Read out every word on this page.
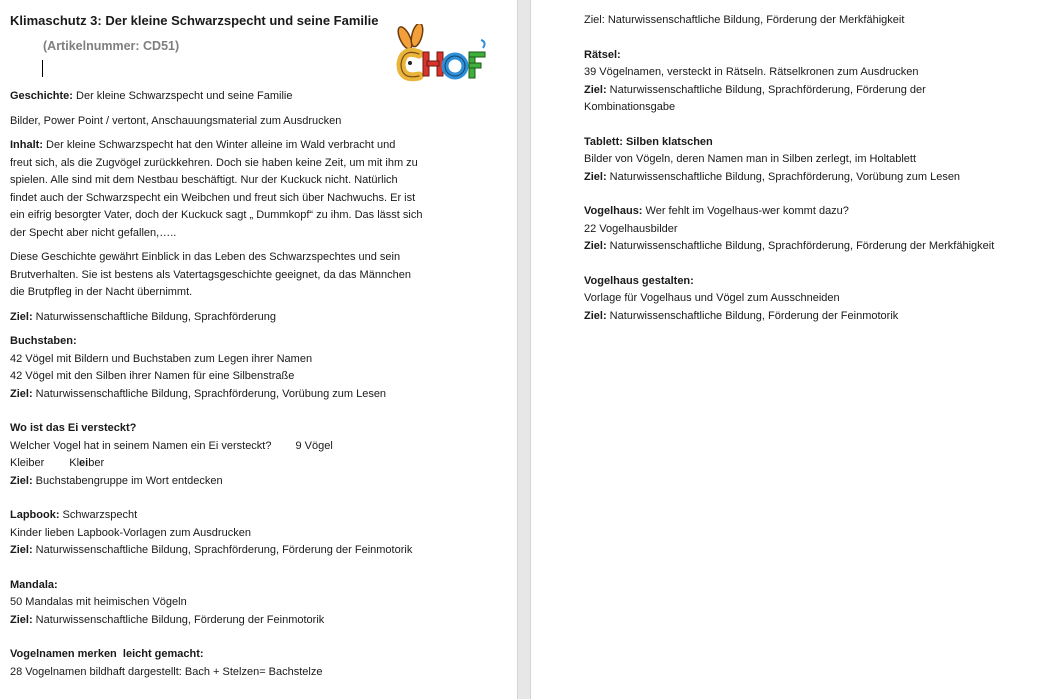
Klimaschutz 3: Der kleine Schwarzspecht und seine Familie

(Artikelnummer: CD51)

Geschichte: Der kleine Schwarzspecht und seine Familie

Bilder, Power Point / vertont, Anschauungsmaterial zum Ausdrucken

Inhalt: Der kleine Schwarzspecht hat den Winter alleine im Wald verbracht und

freut sich, als die Zugvögel zurückkehren. Doch sie haben keine Zeit, um mit ihm zu

spielen. Alle sind mit dem Nestbau beschäftigt. Nur der Kuckuck nicht. Natürlich

findet auch der Schwarzspecht ein Weibchen und freut sich über Nachwuchs. Er ist

ein eifrig besorgter Vater, doch der Kuckuck sagt „ Dummkopf“ zu ihm. Das lässt sich

der Specht aber nicht gefallen,…..

Diese Geschichte gewährt Einblick in das Leben des Schwarzspechtes und sein

Brutverhalten. Sie ist bestens als Vatertagsgeschichte geeignet, da das Männchen

die Brutpfleg in der Nacht übernimmt.

Ziel: Naturwissenschaftliche Bildung, Sprachförderung

Buchstaben:

42 Vögel mit Bildern und Buchstaben zum Legen ihrer Namen

42 Vögel mit den Silben ihrer Namen für eine Silbenstraße

Ziel: Naturwissenschaftliche Bildung, Sprachförderung, Vorübung zum Lesen

Wo ist das Ei versteckt?

Welcher Vogel hat in seinem Namen ein Ei versteckt? 9 Vögel

Kleiber Kleiber

Ziel: Buchstabengruppe im Wort entdecken

Lapbook: Schwarzspecht

Kinder lieben Lapbook-Vorlagen zum Ausdrucken

Ziel: Naturwissenschaftliche Bildung, Sprachförderung, Förderung der Feinmotorik

Mandala:

50 Mandalas mit heimischen Vögeln

Ziel: Naturwissenschaftliche Bildung, Förderung der Feinmotorik

Vogelnamen merken  leicht gemacht:

28 Vogelnamen bildhaft dargestellt: Bach + Stelzen= Bachstelze

Ziel: Naturwissenschaftliche Bildung, Förderung der Merkfähigkeit

Rätsel:

39 Vögelnamen, versteckt in Rätseln. Rätselkronen zum Ausdrucken

Ziel: Naturwissenschaftliche Bildung, Sprachförderung, Förderung der

Kombinationsgabe

Tablett: Silben klatschen

Bilder von Vögeln, deren Namen man in Silben zerlegt, im Holtablett

Ziel: Naturwissenschaftliche Bildung, Sprachförderung, Vorübung zum Lesen

Vogelhaus: Wer fehlt im Vogelhaus-wer kommt dazu?

22 Vogelhausbilder

Ziel: Naturwissenschaftliche Bildung, Sprachförderung, Förderung der Merkfähigkeit

Vogelhaus gestalten:

Vorlage für Vogelhaus und Vögel zum Ausschneiden

Ziel: Naturwissenschaftliche Bildung, Förderung der Feinmotorik
